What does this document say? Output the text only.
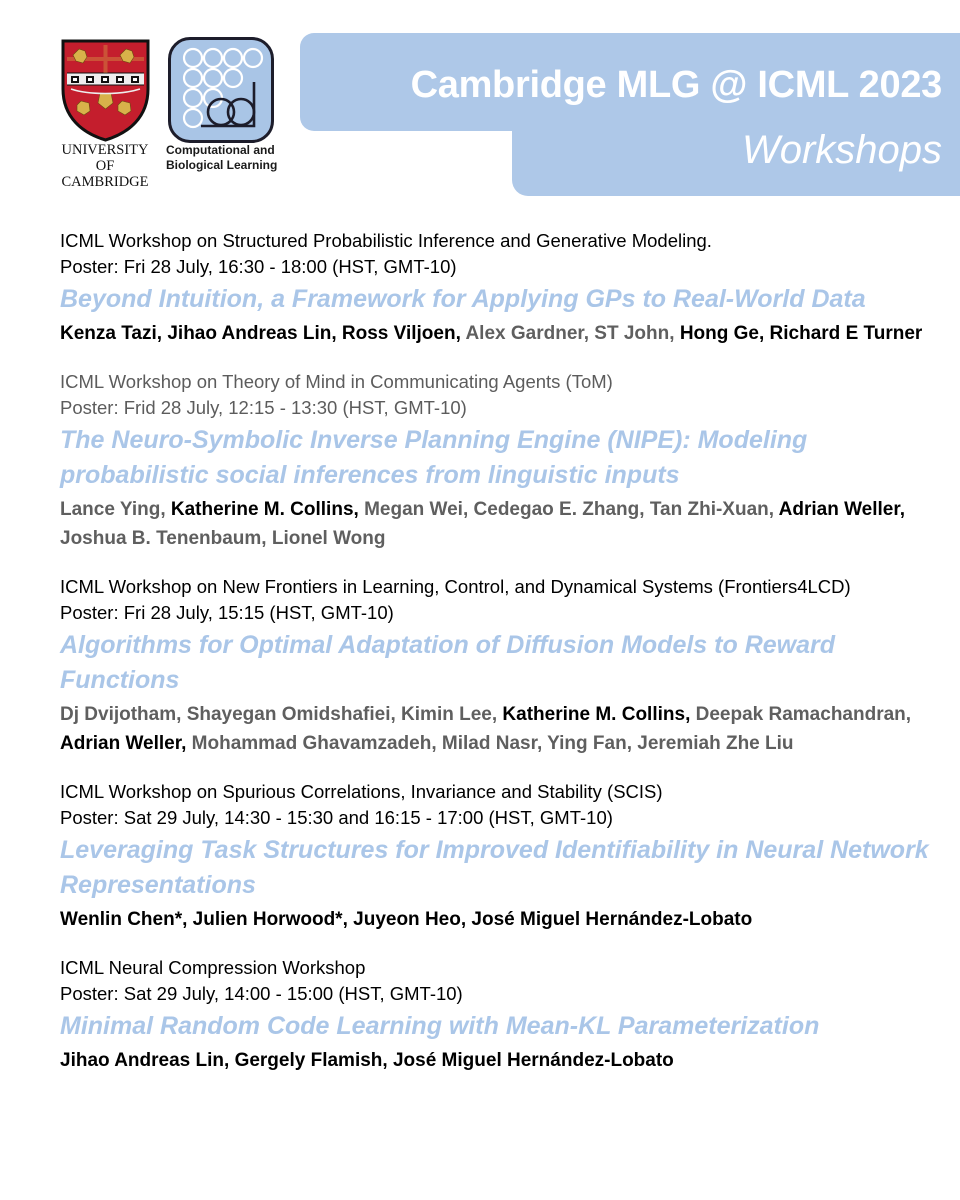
Cambridge MLG @ ICML 2023
Workshops
UNIVERSITY OF
CAMBRIDGE
Computational and
Biological Learning
ICML Workshop on Structured Probabilistic Inference and Generative Modeling.
Poster: Fri 28 July, 16:30 - 18:00 (HST, GMT-10)
Beyond Intuition, a Framework for Applying GPs to Real-World Data
Kenza Tazi, Jihao Andreas Lin, Ross Viljoen, Alex Gardner, ST John, Hong Ge, Richard E Turner
ICML Workshop on Theory of Mind in Communicating Agents (ToM)
Poster: Frid 28 July, 12:15 - 13:30 (HST, GMT-10)
The Neuro-Symbolic Inverse Planning Engine (NIPE): Modeling probabilistic social inferences from linguistic inputs
Lance Ying, Katherine M. Collins, Megan Wei, Cedegao E. Zhang, Tan Zhi-Xuan, Adrian Weller, Joshua B. Tenenbaum, Lionel Wong
ICML Workshop on New Frontiers in Learning, Control, and Dynamical Systems (Frontiers4LCD)
Poster: Fri 28 July, 15:15 (HST, GMT-10)
Algorithms for Optimal Adaptation of Diffusion Models to Reward Functions
Dj Dvijotham, Shayegan Omidshafiei, Kimin Lee, Katherine M. Collins, Deepak Ramachandran, Adrian Weller, Mohammad Ghavamzadeh, Milad Nasr, Ying Fan, Jeremiah Zhe Liu
ICML Workshop on Spurious Correlations, Invariance and Stability (SCIS)
Poster: Sat 29 July, 14:30 - 15:30 and 16:15 - 17:00 (HST, GMT-10)
Leveraging Task Structures for Improved Identifiability in Neural Network Representations
Wenlin Chen*, Julien Horwood*, Juyeon Heo, José Miguel Hernández-Lobato
ICML Neural Compression Workshop
Poster: Sat 29 July, 14:00 - 15:00 (HST, GMT-10)
Minimal Random Code Learning with Mean-KL Parameterization
Jihao Andreas Lin, Gergely Flamish, José Miguel Hernández-Lobato
